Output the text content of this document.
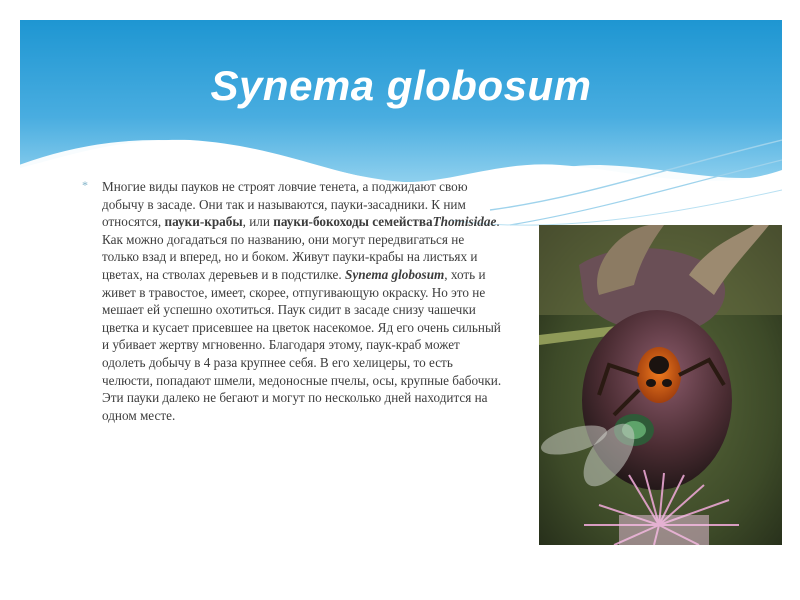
Synema globosum
* Многие виды пауков не строят ловчие тенета, а поджидают свою добычу в засаде. Они так и называются, пауки-засадники. К ним относятся, пауки-крабы, или пауки-бокоходы семействаThomisidae. Как можно догадаться по названию, они могут передвигаться не только взад и вперед, но и боком. Живут пауки-крабы на листьях и цветах, на стволах деревьев и в подстилке. Synema globosum, хоть и живет в травостое, имеет, скорее, отпугивающую окраску. Но это не мешает ей успешно охотиться. Паук сидит в засаде снизу чашечки цветка и кусает присевшее на цветок насекомое. Яд его очень сильный и убивает жертву мгновенно. Благодаря этому, паук-краб может одолеть добычу в 4 раза крупнее себя. В его хелицеры, то есть челюсти, попадают шмели, медоносные пчелы, осы, крупные бабочки. Эти пауки далеко не бегают и могут по несколько дней находится на одном месте.
